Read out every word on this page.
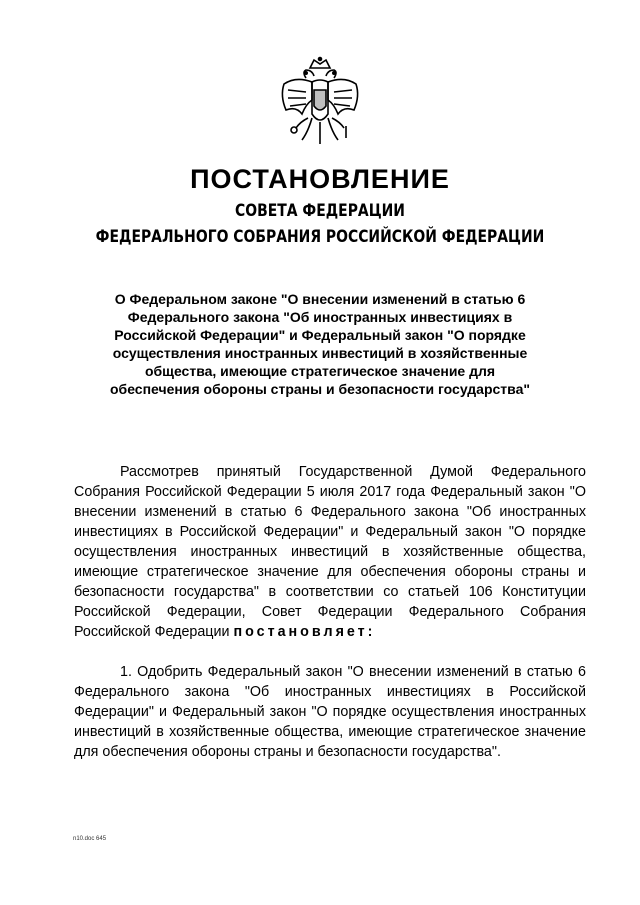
ПОСТАНОВЛЕНИЕ
СОВЕТА ФЕДЕРАЦИИ
ФЕДЕРАЛЬНОГО СОБРАНИЯ РОССИЙСКОЙ ФЕДЕРАЦИИ

О Федеральном законе "О внесении изменений в статью 6 Федерального закона "Об иностранных инвестициях в Российской Федерации" и Федеральный закон "О порядке осуществления иностранных инвестиций в хозяйственные общества, имеющие стратегическое значение для обеспечения обороны страны и безопасности государства"

Рассмотрев принятый Государственной Думой Федерального Собрания Российской Федерации 5 июля 2017 года Федеральный закон "О внесении изменений в статью 6 Федерального закона "Об иностранных инвестициях в Российской Федерации" и Федеральный закон "О порядке осуществления иностранных инвестиций в хозяйственные общества, имеющие стратегическое значение для обеспечения обороны страны и безопасности государства" в соответствии со статьей 106 Конституции Российской Федерации, Совет Федерации Федерального Собрания Российской Федерации постановляет:

1. Одобрить Федеральный закон "О внесении изменений в статью 6 Федерального закона "Об иностранных инвестициях в Российской Федерации" и Федеральный закон "О порядке осуществления иностранных инвестиций в хозяйственные общества, имеющие стратегическое значение для обеспечения обороны страны и безопасности государства".

n10.doc 645
